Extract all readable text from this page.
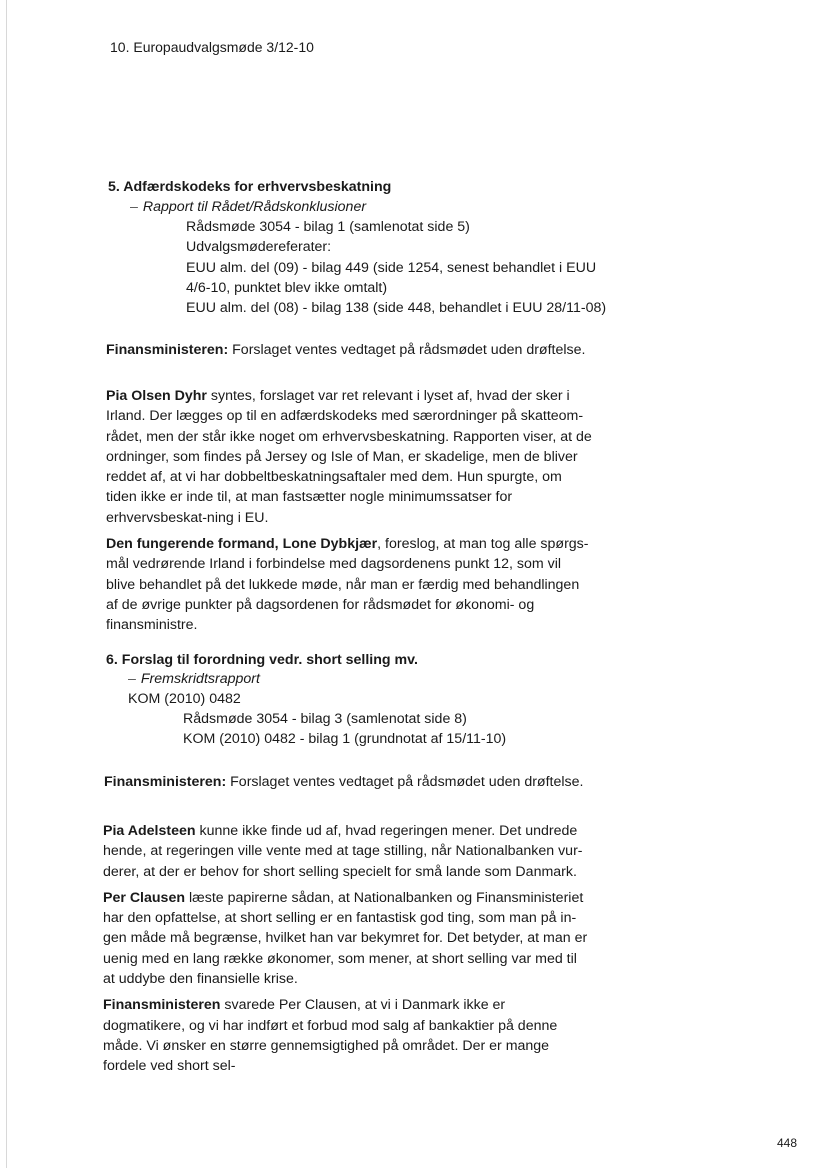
10. Europaudvalgsmøde 3/12-10
5. Adfærdskodeks for erhvervsbeskatning
– Rapport til Rådet/Rådskonklusioner
Rådsmøde 3054 - bilag 1 (samlenotat side 5)
Udvalgsmødereferater:
EUU alm. del (09) - bilag 449 (side 1254, senest behandlet i EUU
4/6-10, punktet blev ikke omtalt)
EUU alm. del (08) - bilag 138 (side 448, behandlet i EUU 28/11-08)
Finansministeren: Forslaget ventes vedtaget på rådsmødet uden drøftelse.

Pia Olsen Dyhr syntes, forslaget var ret relevant i lyset af, hvad der sker i Irland. Der lægges op til en adfærdskodeks med særordninger på skatteom-rådet, men der står ikke noget om erhvervsbeskatning. Rapporten viser, at de ordninger, som findes på Jersey og Isle of Man, er skadelige, men de bliver reddet af, at vi har dobbeltbeskatningsaftaler med dem. Hun spurgte, om tiden ikke er inde til, at man fastsætter nogle minimumssatser for erhvervsbeskat-ning i EU.

Den fungerende formand, Lone Dybkjær, foreslog, at man tog alle spørgs-mål vedrørende Irland i forbindelse med dagsordenens punkt 12, som vil blive behandlet på det lukkede møde, når man er færdig med behandlingen af de øvrige punkter på dagsordenen for rådsmødet for økonomi- og finansministre.

6. Forslag til forordning vedr. short selling mv.
– Fremskridtsrapport
KOM (2010) 0482
Rådsmøde 3054 - bilag 3 (samlenotat side 8)
KOM (2010) 0482 - bilag 1 (grundnotat af 15/11-10)
Finansministeren: Forslaget ventes vedtaget på rådsmødet uden drøftelse.

Pia Adelsteen kunne ikke finde ud af, hvad regeringen mener. Det undrede hende, at regeringen ville vente med at tage stilling, når Nationalbanken vur-derer, at der er behov for short selling specielt for små lande som Danmark.

Per Clausen læste papirerne sådan, at Nationalbanken og Finansministeriet har den opfattelse, at short selling er en fantastisk god ting, som man på in-gen måde må begrænse, hvilket han var bekymret for. Det betyder, at man er uenig med en lang række økonomer, som mener, at short selling var med til at uddybe den finansielle krise.

Finansministeren svarede Per Clausen, at vi i Danmark ikke er dogmatikere, og vi har indført et forbud mod salg af bankaktier på denne måde. Vi ønsker en større gennemsigtighed på området. Der er mange fordele ved short sel-

448
